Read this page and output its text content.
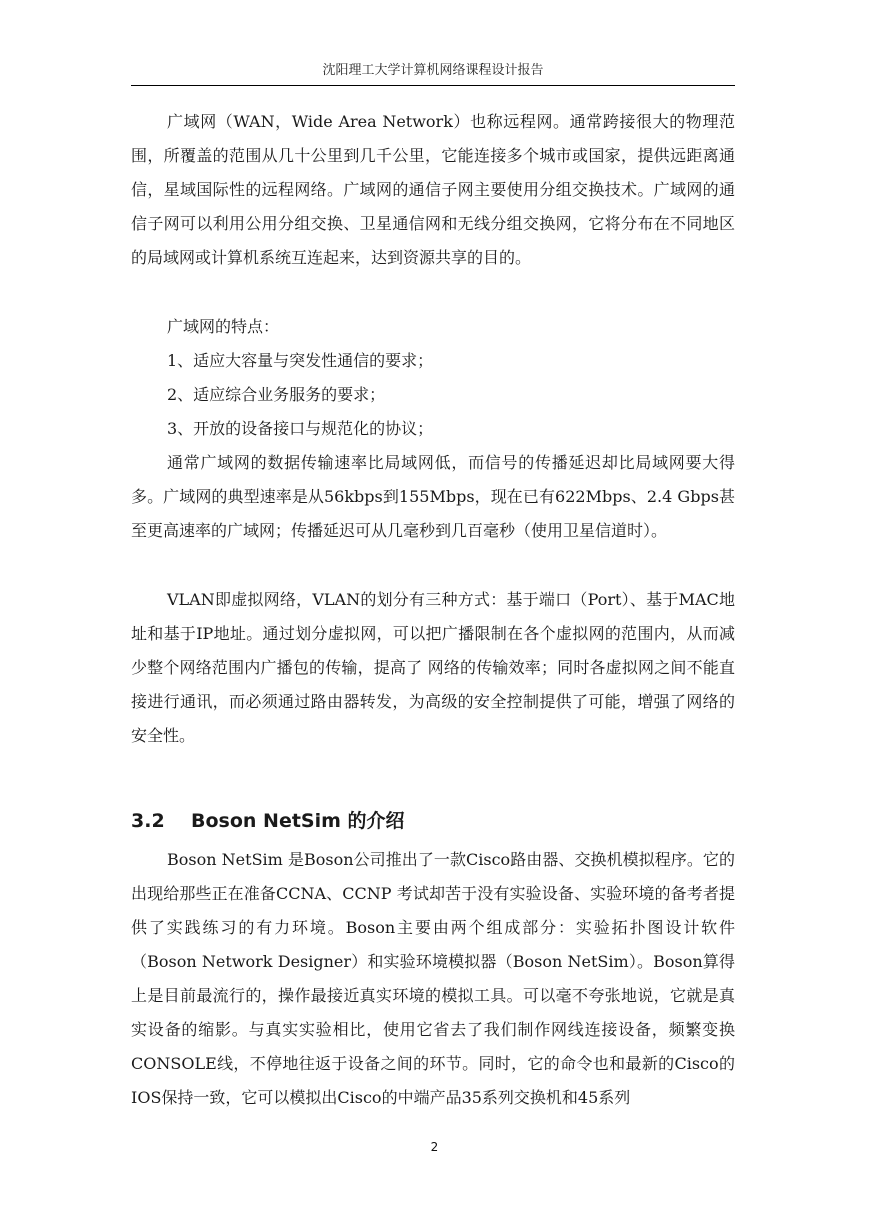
沈阳理工大学计算机网络课程设计报告

广域网（WAN，Wide Area Network）也称远程网。通常跨接很大的物理范围，所覆盖的范围从几十公里到几千公里，它能连接多个城市或国家，提供远距离通信，星域国际性的远程网络。广域网的通信子网主要使用分组交换技术。广域网的通信子网可以利用公用分组交换、卫星通信网和无线分组交换网，它将分布在不同地区的局域网或计算机系统互连起来，达到资源共享的目的。

广域网的特点：

1、适应大容量与突发性通信的要求；

2、适应综合业务服务的要求；

3、开放的设备接口与规范化的协议；

通常广域网的数据传输速率比局域网低，而信号的传播延迟却比局域网要大得多。广域网的典型速率是从56kbps到155Mbps，现在已有622Mbps、2.4 Gbps甚至更高速率的广域网；传播延迟可从几毫秒到几百毫秒（使用卫星信道时）。

VLAN即虚拟网络，VLAN的划分有三种方式：基于端口（Port）、基于MAC地址和基于IP地址。通过划分虚拟网，可以把广播限制在各个虚拟网的范围内，从而减少整个网络范围内广播包的传输，提高了 网络的传输效率；同时各虚拟网之间不能直接进行通讯，而必须通过路由器转发，为高级的安全控制提供了可能，增强了网络的安全性。

3.2 Boson NetSim 的介绍

Boson NetSim 是Boson公司推出了一款Cisco路由器、交换机模拟程序。它的出现给那些正在准备CCNA、CCNP 考试却苦于没有实验设备、实验环境的备考者提供了实践练习的有力环境。Boson主要由两个组成部分：实验拓扑图设计软件（Boson Network Designer）和实验环境模拟器（Boson NetSim）。Boson算得上是目前最流行的，操作最接近真实环境的模拟工具。可以毫不夸张地说，它就是真实设备的缩影。与真实实验相比，使用它省去了我们制作网线连接设备，频繁变换CONSOLE线，不停地往返于设备之间的环节。同时，它的命令也和最新的Cisco的IOS保持一致，它可以模拟出Cisco的中端产品35系列交换机和45系列

2
